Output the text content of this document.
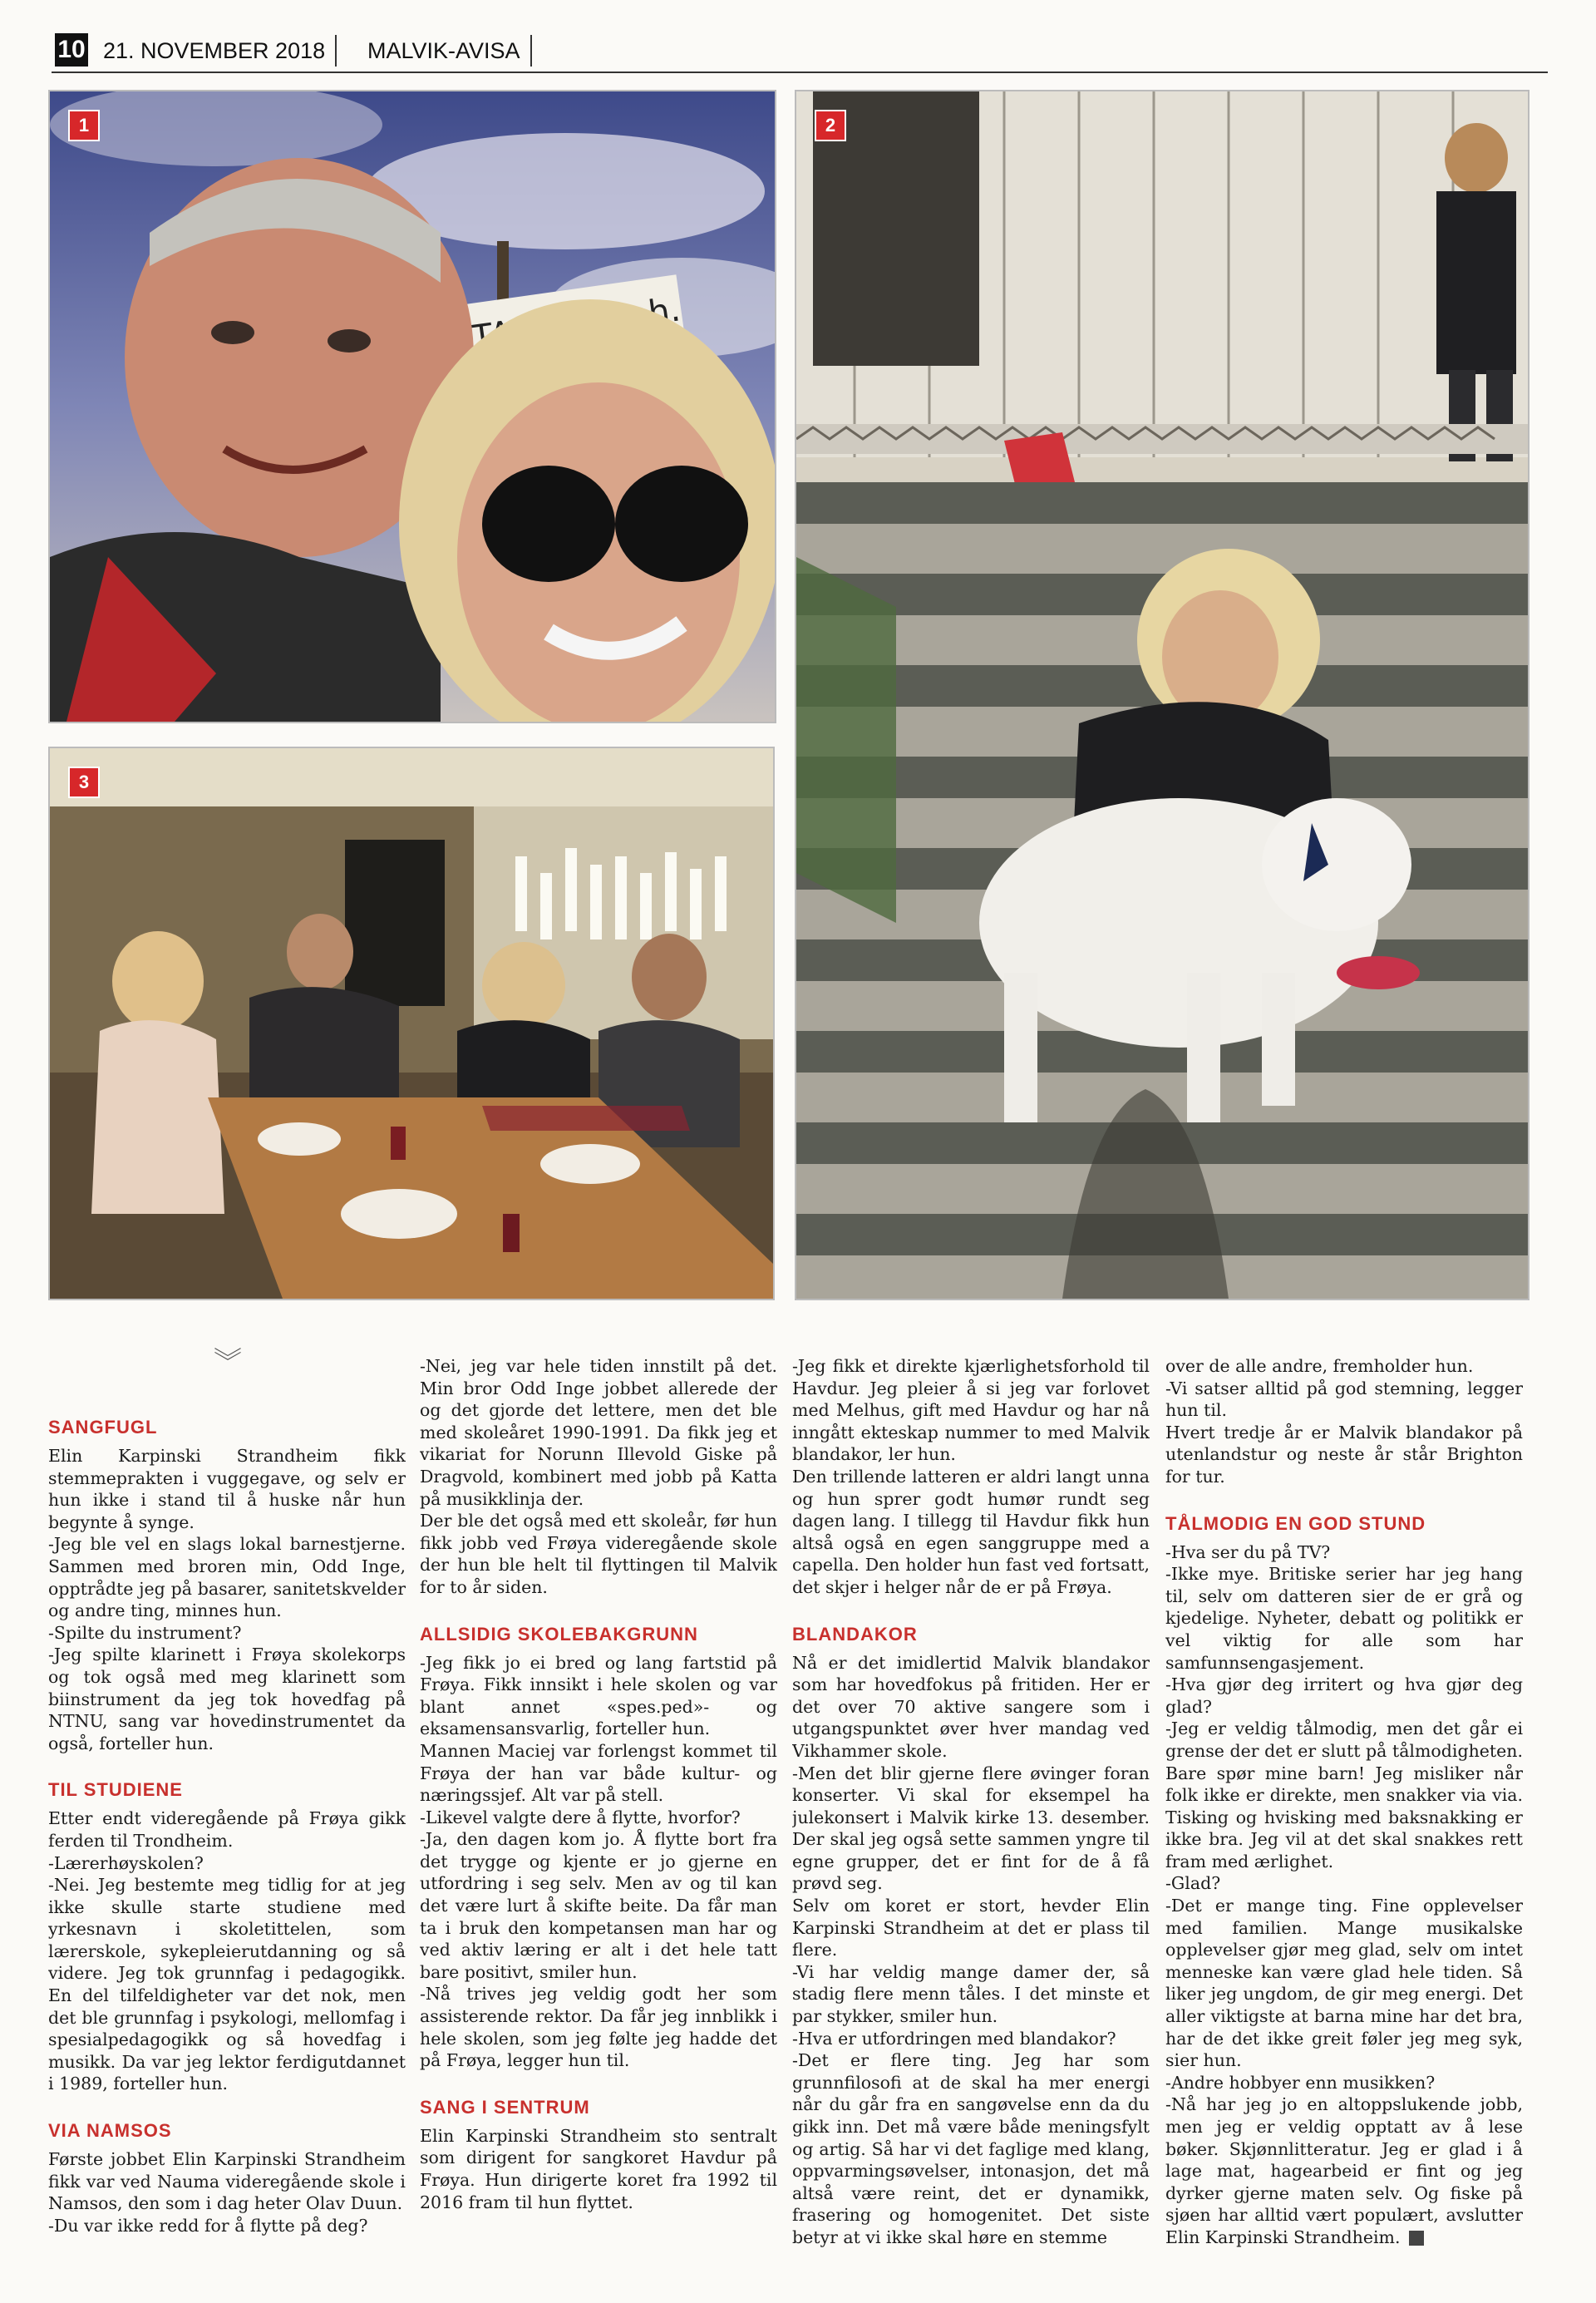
10 21. NOVEMBER 2018	MALVIK-AVISA
1	2
3
︾
SANGFUGL

Elin Karpinski Strandheim fikk stemmeprakten i vuggegave, og selv er hun ikke i stand til å huske når hun begynte å synge.

-Jeg ble vel en slags lokal barnestjerne. Sammen med broren min, Odd Inge, opptrådte jeg på basarer, sanitetskvelder og andre ting, minnes hun.

-Spilte du instrument?

-Jeg spilte klarinett i Frøya skolekorps og tok også med meg klarinett som biinstrument da jeg tok hovedfag på NTNU, sang var hovedinstrumentet da også, forteller hun.

TIL STUDIENE

Etter endt videregående på Frøya gikk ferden til Trondheim.

-Lærerhøyskolen?

-Nei. Jeg bestemte meg tidlig for at jeg ikke skulle starte studiene med yrkesnavn i skoletittelen, som lærerskole, sykepleierutdanning og så videre. Jeg tok grunnfag i pedagogikk. En del tilfeldigheter var det nok, men det ble grunnfag i psykologi, mellomfag i spesialpedagogikk og så hovedfag i musikk. Da var jeg lektor ferdigutdannet i 1989, forteller hun.

VIA NAMSOS

Første jobbet Elin Karpinski Strandheim fikk var ved Nauma videregående skole i Namsos, den som i dag heter Olav Duun.

-Du var ikke redd for å flytte på deg?

-Nei, jeg var hele tiden innstilt på det. Min bror Odd Inge jobbet allerede der og det gjorde det lettere, men det ble med skoleåret 1990-1991. Da fikk jeg et vikariat for Norunn Illevold Giske på Dragvold, kombinert med jobb på Katta på musikklinja der.

Der ble det også med ett skoleår, før hun fikk jobb ved Frøya videregående skole der hun ble helt til flyttingen til Malvik for to år siden.

ALLSIDIG SKOLEBAKGRUNN

-Jeg fikk jo ei bred og lang fartstid på Frøya. Fikk innsikt i hele skolen og var blant annet «spes.ped»- og eksamensansvarlig, forteller hun.

Mannen Maciej var forlengst kommet til Frøya der han var både kultur- og næringssjef. Alt var på stell.

-Likevel valgte dere å flytte, hvorfor?

-Ja, den dagen kom jo. Å flytte bort fra det trygge og kjente er jo gjerne en utfordring i seg selv. Men av og til kan det være lurt å skifte beite. Da får man ta i bruk den kompetansen man har og ved aktiv læring er alt i det hele tatt bare positivt, smiler hun.

-Nå trives jeg veldig godt her som assisterende rektor. Da får jeg innblikk i hele skolen, som jeg følte jeg hadde det på Frøya, legger hun til.

SANG I SENTRUM

Elin Karpinski Strandheim sto sentralt som dirigent for sangkoret Havdur på Frøya. Hun dirigerte koret fra 1992 til 2016 fram til hun flyttet.

-Jeg fikk et direkte kjærlighetsforhold til Havdur. Jeg pleier å si jeg var forlovet med Melhus, gift med Havdur og har nå inngått ekteskap nummer to med Malvik blandakor, ler hun.

Den trillende latteren er aldri langt unna og hun sprer godt humør rundt seg dagen lang. I tillegg til Havdur fikk hun altså også en egen sanggruppe med a capella. Den holder hun fast ved fortsatt, det skjer i helger når de er på Frøya.

BLANDAKOR

Nå er det imidlertid Malvik blandakor som har hovedfokus på fritiden. Her er det over 70 aktive sangere som i utgangspunktet øver hver mandag ved Vikhammer skole.

-Men det blir gjerne flere øvinger foran konserter. Vi skal for eksempel ha julekonsert i Malvik kirke 13. desember. Der skal jeg også sette sammen yngre til egne grupper, det er fint for de å få prøvd seg.

Selv om koret er stort, hevder Elin Karpinski Strandheim at det er plass til flere.

-Vi har veldig mange damer der, så stadig flere menn tåles. I det minste et par stykker, smiler hun.

-Hva er utfordringen med blandakor?

-Det er flere ting. Jeg har som grunnfilosofi at de skal ha mer energi når du går fra en sangøvelse enn da du gikk inn. Det må være både meningsfylt og artig. Så har vi det faglige med klang, oppvarmingsøvelser, intonasjon, det må altså være reint, det er dynamikk, frasering og homogenitet. Det siste betyr at vi ikke skal høre en stemme

over de alle andre, fremholder hun.

-Vi satser alltid på god stemning, legger hun til.

Hvert tredje år er Malvik blandakor på utenlandstur og neste år står Brighton for tur.

TÅLMODIG EN GOD STUND

-Hva ser du på TV?

-Ikke mye. Britiske serier har jeg hang til, selv om datteren sier de er grå og kjedelige. Nyheter, debatt og politikk er vel viktig for alle som har samfunnsengasjement.

-Hva gjør deg irritert og hva gjør deg glad?

-Jeg er veldig tålmodig, men det går ei grense der det er slutt på tålmodigheten. Bare spør mine barn! Jeg misliker når folk ikke er direkte, men snakker via via. Tisking og hvisking med baksnakking er ikke bra. Jeg vil at det skal snakkes rett fram med ærlighet.

-Glad?

-Det er mange ting. Fine opplevelser med familien. Mange musikalske opplevelser gjør meg glad, selv om intet menneske kan være glad hele tiden. Så liker jeg ungdom, de gir meg energi. Det aller viktigste at barna mine har det bra, har de det ikke greit føler jeg meg syk, sier hun.

-Andre hobbyer enn musikken?

-Nå har jeg jo en altoppslukende jobb, men jeg er veldig opptatt av å lese bøker. Skjønnlitteratur. Jeg er glad i å lage mat, hagearbeid er fint og jeg dyrker gjerne maten selv. Og fiske på sjøen har alltid vært populært, avslutter Elin Karpinski Strandheim.
